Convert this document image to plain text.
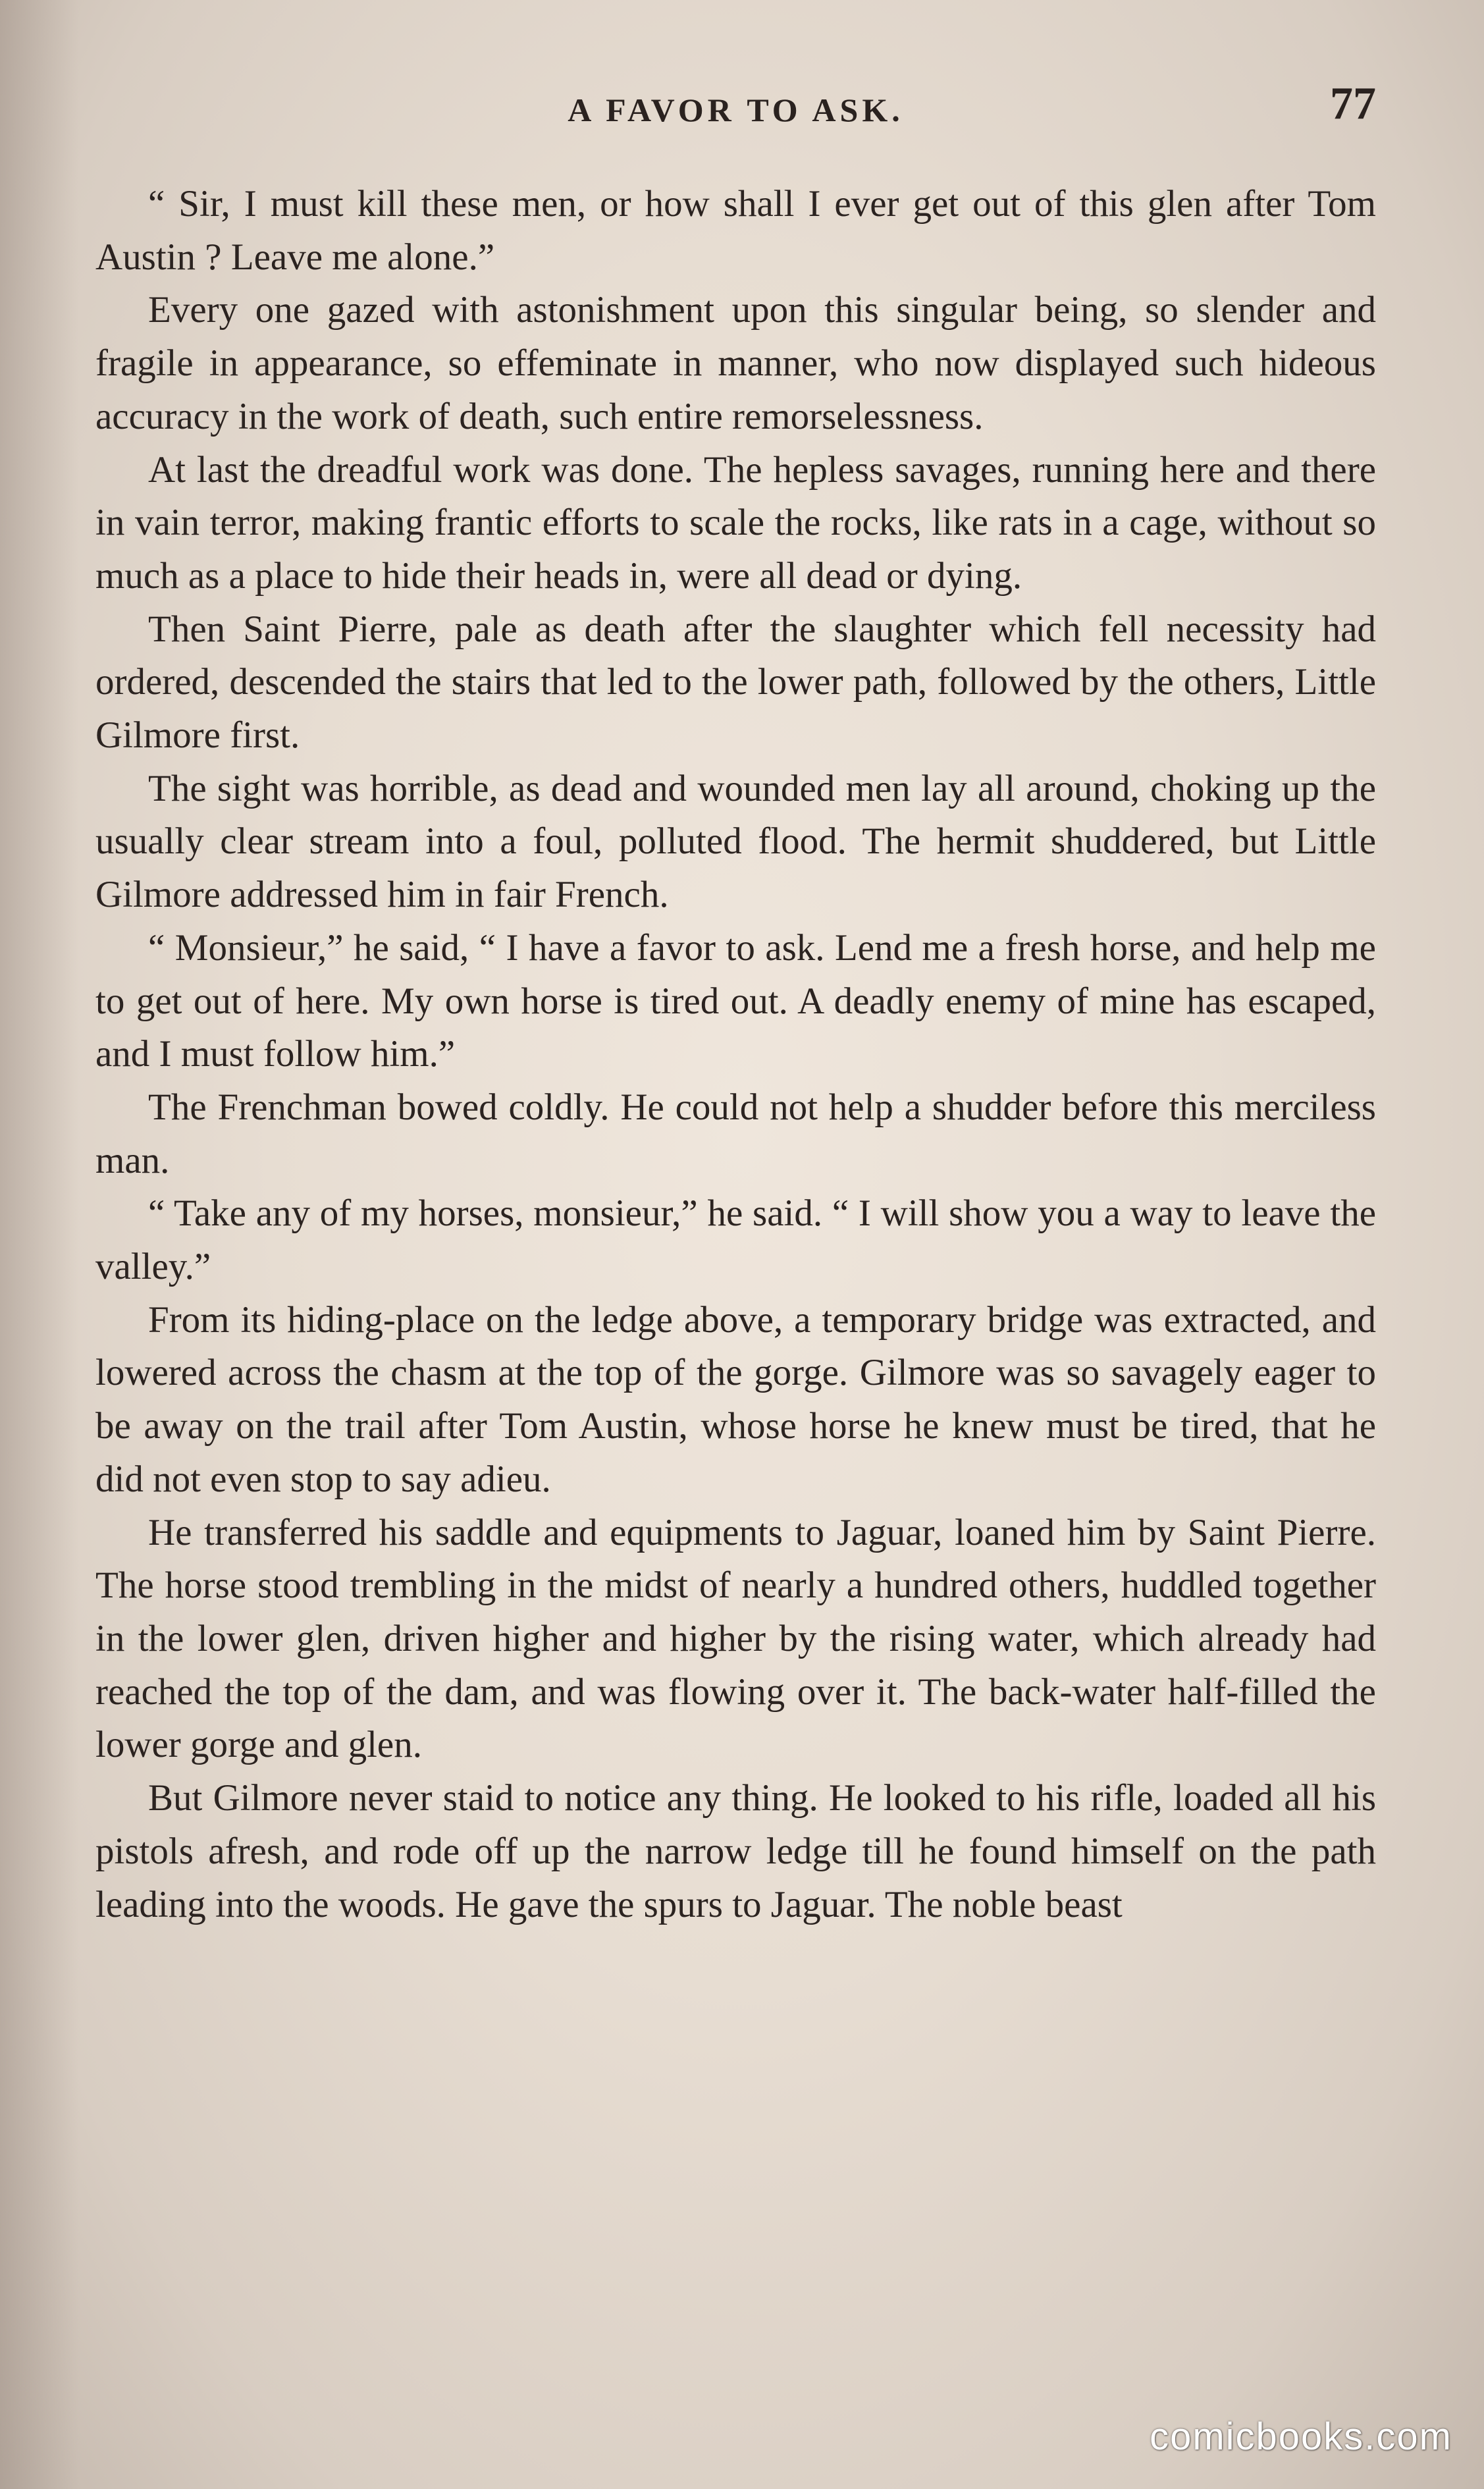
A FAVOR TO ASK.	77

“ Sir, I must kill these men, or how shall I ever get out of this glen after Tom Austin ? Leave me alone.”

Every one gazed with astonishment upon this singular being, so slender and fragile in appearance, so effeminate in manner, who now displayed such hideous accuracy in the work of death, such entire remorselessness.

At last the dreadful work was done. The hepless savages, running here and there in vain terror, making frantic efforts to scale the rocks, like rats in a cage, without so much as a place to hide their heads in, were all dead or dying.

Then Saint Pierre, pale as death after the slaughter which fell necessity had ordered, descended the stairs that led to the lower path, followed by the others, Little Gilmore first.

The sight was horrible, as dead and wounded men lay all around, choking up the usually clear stream into a foul, polluted flood. The hermit shuddered, but Little Gilmore addressed him in fair French.

“ Monsieur,” he said, “ I have a favor to ask. Lend me a fresh horse, and help me to get out of here. My own horse is tired out. A deadly enemy of mine has escaped, and I must follow him.”

The Frenchman bowed coldly. He could not help a shudder before this merciless man.

“ Take any of my horses, monsieur,” he said. “ I will show you a way to leave the valley.”

From its hiding-place on the ledge above, a temporary bridge was extracted, and lowered across the chasm at the top of the gorge. Gilmore was so savagely eager to be away on the trail after Tom Austin, whose horse he knew must be tired, that he did not even stop to say adieu.

He transferred his saddle and equipments to Jaguar, loaned him by Saint Pierre. The horse stood trembling in the midst of nearly a hundred others, huddled together in the lower glen, driven higher and higher by the rising water, which already had reached the top of the dam, and was flowing over it. The back-water half-filled the lower gorge and glen.

But Gilmore never staid to notice any thing. He looked to his rifle, loaded all his pistols afresh, and rode off up the narrow ledge till he found himself on the path leading into the woods. He gave the spurs to Jaguar. The noble beast

comicbooks.com
